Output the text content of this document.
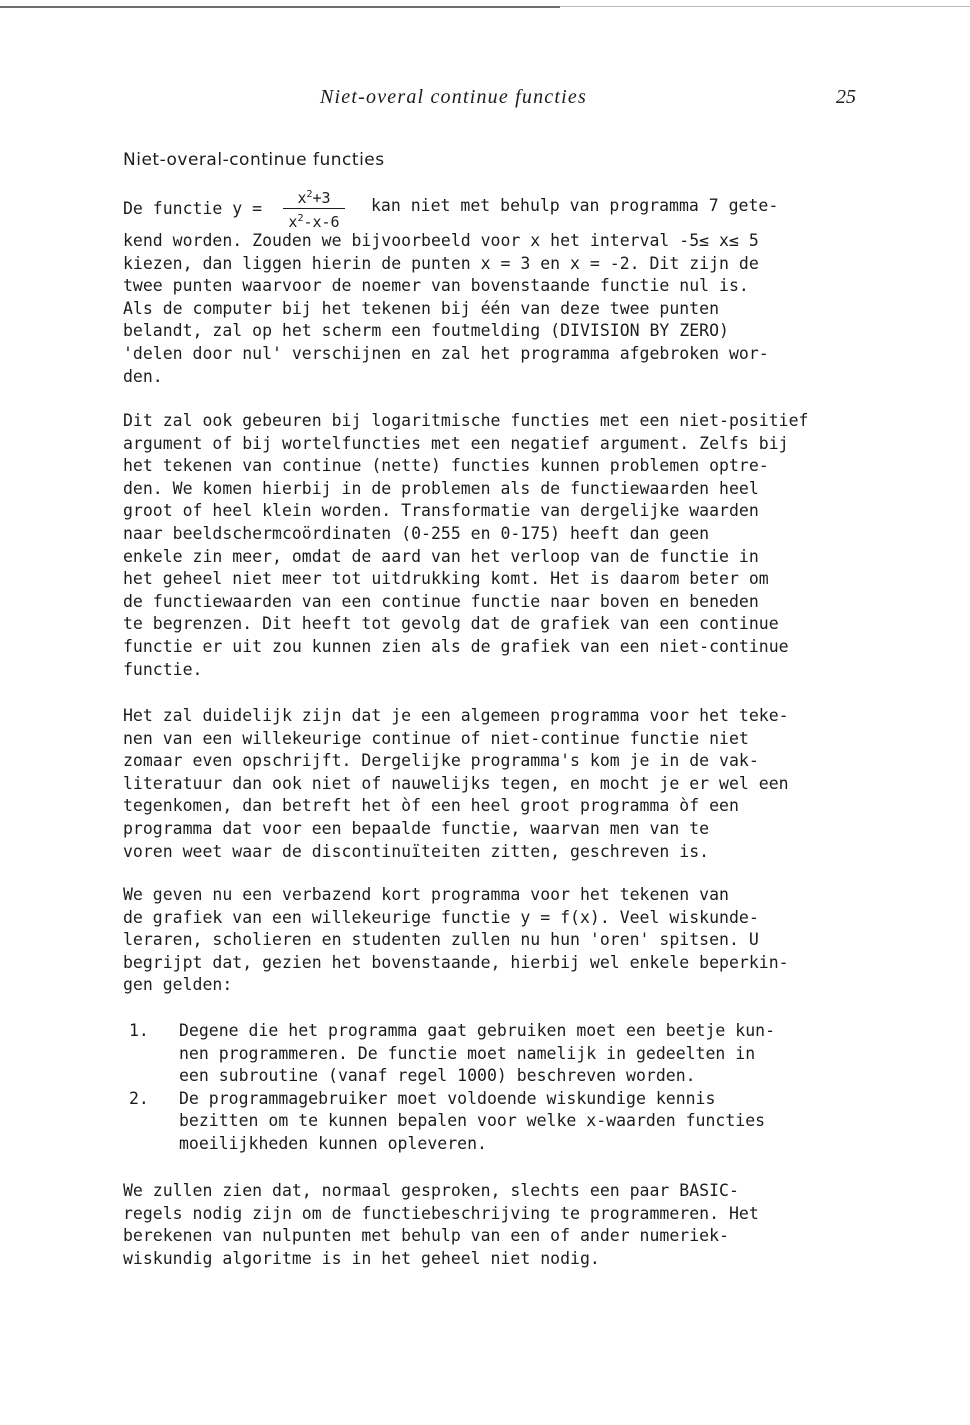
Niet-overal continue functies	25
Niet-overal-continue functies
De functie y =
$x^2+3$
$x^2-x-6$
kan niet met behulp van programma 7 gete-
kend worden. Zouden we bijvoorbeeld voor x het interval -5≤ x≤ 5
kiezen, dan liggen hierin de punten x = 3 en x = -2. Dit zijn de
twee punten waarvoor de noemer van bovenstaande functie nul is.
Als de computer bij het tekenen bij één van deze twee punten
belandt, zal op het scherm een foutmelding (DIVISION BY ZERO)
'delen door nul' verschijnen en zal het programma afgebroken wor-
den.
Dit zal ook gebeuren bij logaritmische functies met een niet-positief
argument of bij wortelfuncties met een negatief argument. Zelfs bij
het tekenen van continue (nette) functies kunnen problemen optre-
den. We komen hierbij in de problemen als de functiewaarden heel
groot of heel klein worden. Transformatie van dergelijke waarden
naar beeldschermcoördinaten (0-255 en 0-175) heeft dan geen
enkele zin meer, omdat de aard van het verloop van de functie in
het geheel niet meer tot uitdrukking komt. Het is daarom beter om
de functiewaarden van een continue functie naar boven en beneden
te begrenzen. Dit heeft tot gevolg dat de grafiek van een continue
functie er uit zou kunnen zien als de grafiek van een niet-continue
functie.
Het zal duidelijk zijn dat je een algemeen programma voor het teke-
nen van een willekeurige continue of niet-continue functie niet
zomaar even opschrijft. Dergelijke programma's kom je in de vak-
literatuur dan ook niet of nauwelijks tegen, en mocht je er wel een
tegenkomen, dan betreft het òf een heel groot programma òf een
programma dat voor een bepaalde functie, waarvan men van te
voren weet waar de discontinuïteiten zitten, geschreven is.
We geven nu een verbazend kort programma voor het tekenen van
de grafiek van een willekeurige functie y = f(x). Veel wiskunde-
leraren, scholieren en studenten zullen nu hun 'oren' spitsen. U
begrijpt dat, gezien het bovenstaande, hierbij wel enkele beperkin-
gen gelden:
1. Degene die het programma gaat gebruiken moet een beetje kun-
nen programmeren. De functie moet namelijk in gedeelten in
een subroutine (vanaf regel 1000) beschreven worden.
2. De programmagebruiker moet voldoende wiskundige kennis
bezitten om te kunnen bepalen voor welke x-waarden functies
moeilijkheden kunnen opleveren.
We zullen zien dat, normaal gesproken, slechts een paar BASIC-
regels nodig zijn om de functiebeschrijving te programmeren. Het
berekenen van nulpunten met behulp van een of ander numeriek-
wiskundig algoritme is in het geheel niet nodig.
